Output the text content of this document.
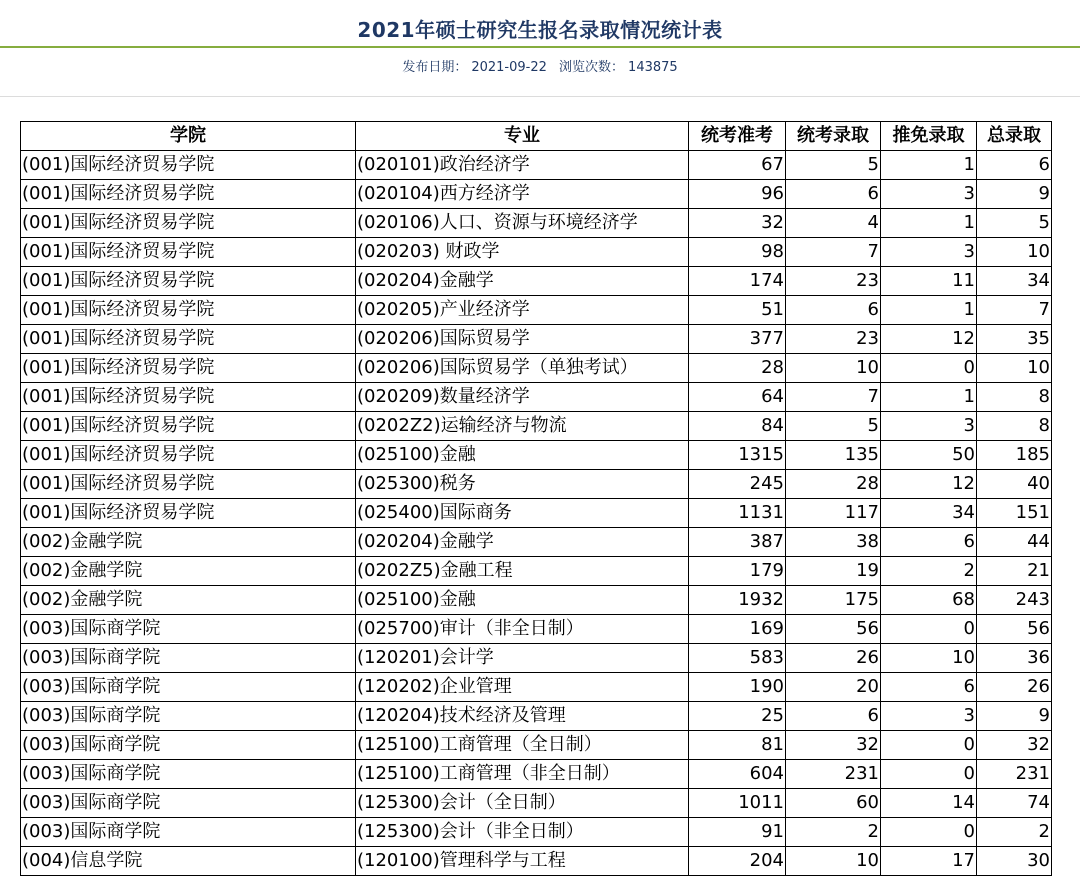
2021年硕士研究生报名录取情况统计表
发布日期： 2021-09-22 浏览次数： 143875
学院	专业	统考准考	统考录取	推免录取	总录取
(001)国际经济贸易学院	(020101)政治经济学	67	5	1	6
(001)国际经济贸易学院	(020104)西方经济学	96	6	3	9
(001)国际经济贸易学院	(020106)人口、资源与环境经济学	32	4	1	5
(001)国际经济贸易学院	(020203) 财政学	98	7	3	10
(001)国际经济贸易学院	(020204)金融学	174	23	11	34
(001)国际经济贸易学院	(020205)产业经济学	51	6	1	7
(001)国际经济贸易学院	(020206)国际贸易学	377	23	12	35
(001)国际经济贸易学院	(020206)国际贸易学（单独考试）	28	10	0	10
(001)国际经济贸易学院	(020209)数量经济学	64	7	1	8
(001)国际经济贸易学院	(0202Z2)运输经济与物流	84	5	3	8
(001)国际经济贸易学院	(025100)金融	1315	135	50	185
(001)国际经济贸易学院	(025300)税务	245	28	12	40
(001)国际经济贸易学院	(025400)国际商务	1131	117	34	151
(002)金融学院	(020204)金融学	387	38	6	44
(002)金融学院	(0202Z5)金融工程	179	19	2	21
(002)金融学院	(025100)金融	1932	175	68	243
(003)国际商学院	(025700)审计（非全日制）	169	56	0	56
(003)国际商学院	(120201)会计学	583	26	10	36
(003)国际商学院	(120202)企业管理	190	20	6	26
(003)国际商学院	(120204)技术经济及管理	25	6	3	9
(003)国际商学院	(125100)工商管理（全日制）	81	32	0	32
(003)国际商学院	(125100)工商管理（非全日制）	604	231	0	231
(003)国际商学院	(125300)会计（全日制）	1011	60	14	74
(003)国际商学院	(125300)会计（非全日制）	91	2	0	2
(004)信息学院	(120100)管理科学与工程	204	10	17	30
